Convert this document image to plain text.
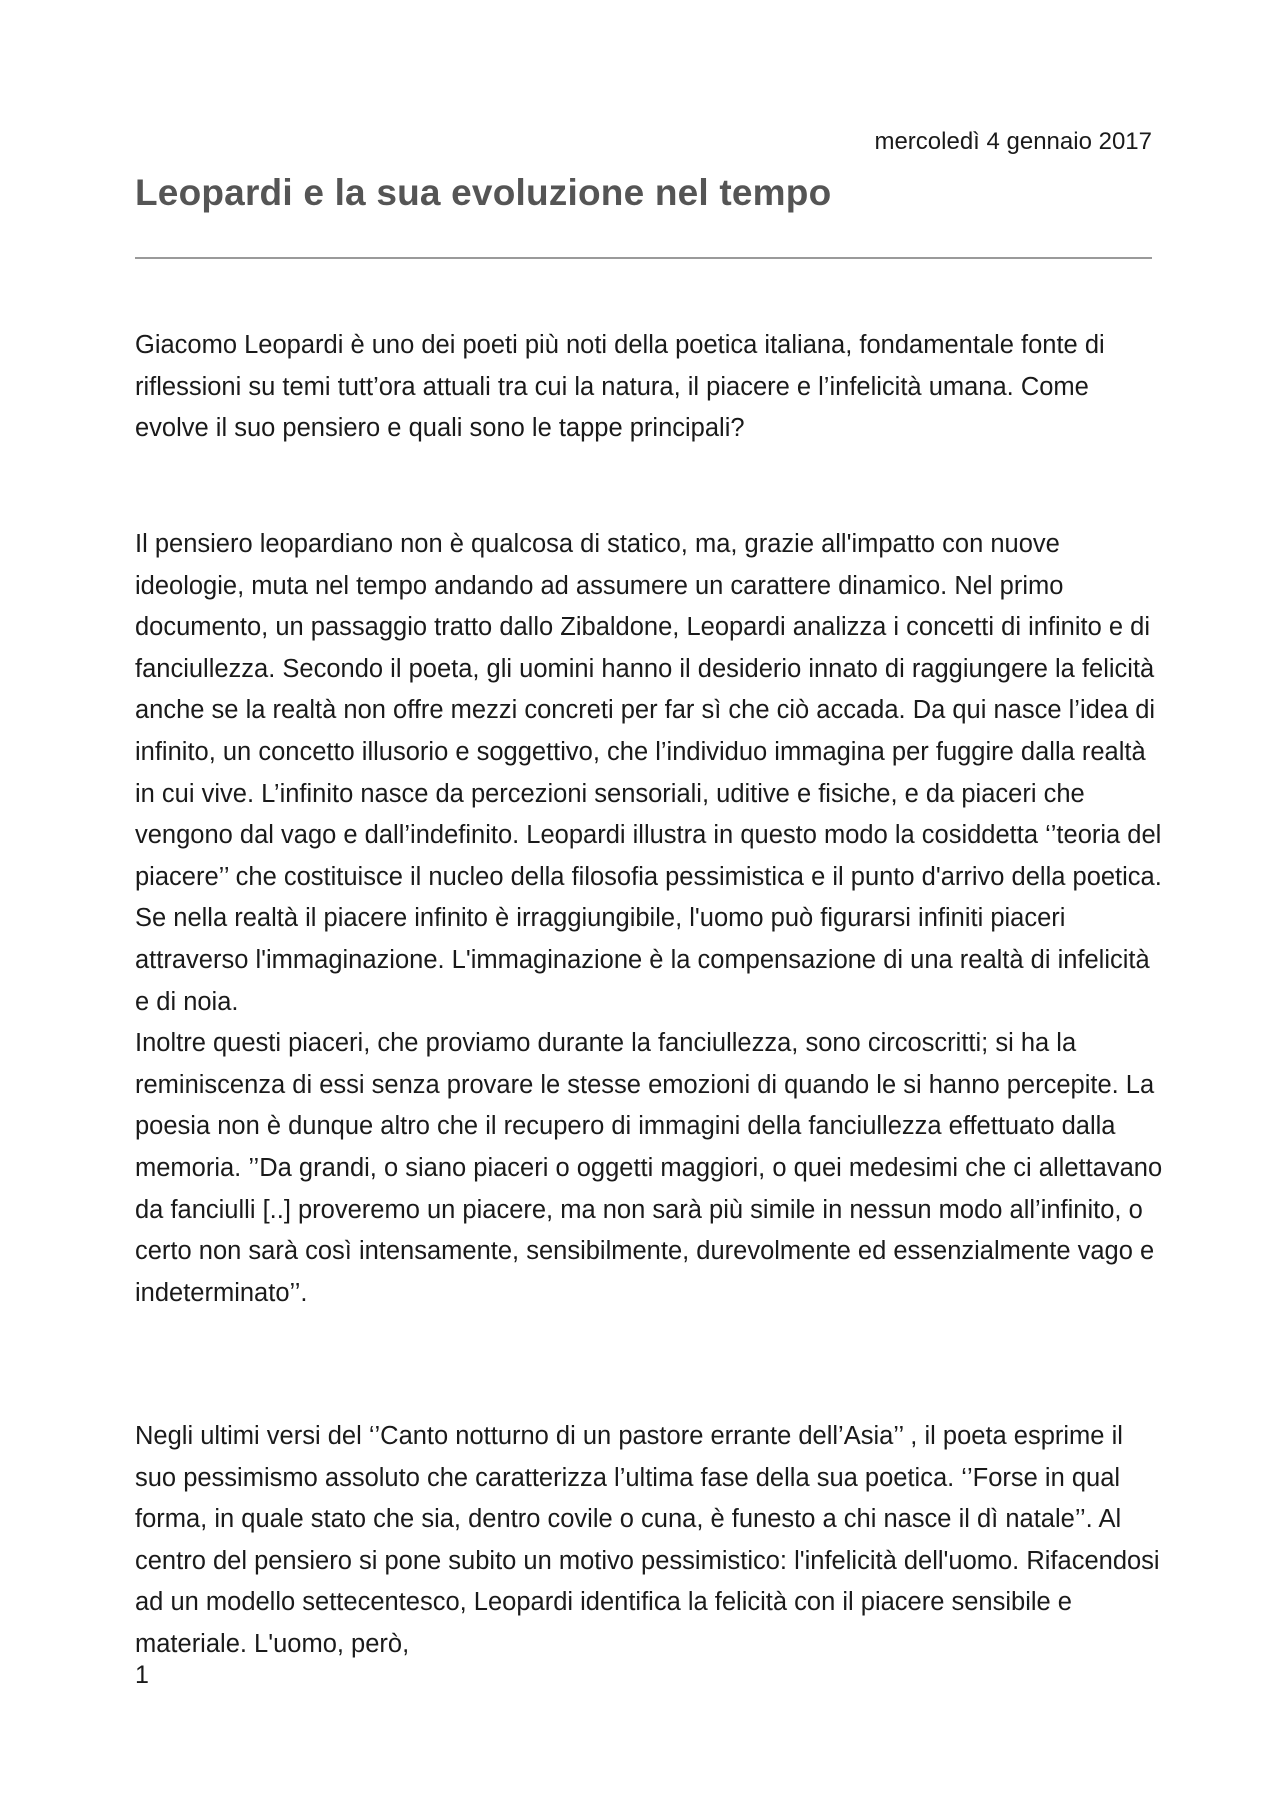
mercoledì 4 gennaio 2017
Leopardi e la sua evoluzione nel tempo

Giacomo Leopardi è uno dei poeti più noti della poetica italiana, fondamentale fonte di riflessioni su temi tutt’ora attuali tra cui la natura, il piacere e l’infelicità umana. Come evolve il suo pensiero e quali sono le tappe principali?

Il pensiero leopardiano non è qualcosa di statico, ma, grazie all'impatto con nuove ideologie, muta nel tempo andando ad assumere un carattere dinamico. Nel primo documento, un passaggio tratto dallo Zibaldone, Leopardi analizza i concetti di infinito e di fanciullezza. Secondo il poeta, gli uomini hanno il desiderio innato di raggiungere la felicità anche se la realtà non offre mezzi concreti per far sì che ciò accada. Da qui nasce l’idea di infinito, un concetto illusorio e soggettivo, che l’individuo immagina per fuggire dalla realtà in cui vive. L’infinito nasce da percezioni sensoriali, uditive e fisiche, e da piaceri che vengono dal vago e dall’indefinito. Leopardi illustra in questo modo la cosiddetta ‘’teoria del piacere’’ che costituisce il nucleo della filosofia pessimistica e il punto d'arrivo della poetica. Se nella realtà il piacere infinito è irraggiungibile, l'uomo può figurarsi infiniti piaceri attraverso l'immaginazione. L'immaginazione è la compensazione di una realtà di infelicità e di noia.
Inoltre questi piaceri, che proviamo durante la fanciullezza, sono circoscritti; si ha la reminiscenza di essi senza provare le stesse emozioni di quando le si hanno percepite. La poesia non è dunque altro che il recupero di immagini della fanciullezza effettuato dalla memoria. ’’Da grandi, o siano piaceri o oggetti maggiori, o quei medesimi che ci allettavano da fanciulli [..] proveremo un piacere, ma non sarà più simile in nessun modo all’infinito, o certo non sarà così intensamente, sensibilmente, durevolmente ed essenzialmente vago e indeterminato’’.

Negli ultimi versi del ‘’Canto notturno di un pastore errante dell’Asia’’ , il poeta esprime il suo pessimismo assoluto che caratterizza l’ultima fase della sua poetica. ‘’Forse in qual forma, in quale stato che sia, dentro covile o cuna, è funesto a chi nasce il dì natale’’. Al centro del pensiero si pone subito un motivo pessimistico: l'infelicità dell'uomo. Rifacendosi ad un modello settecentesco, Leopardi identifica la felicità con il piacere sensibile e materiale. L'uomo, però,

1
